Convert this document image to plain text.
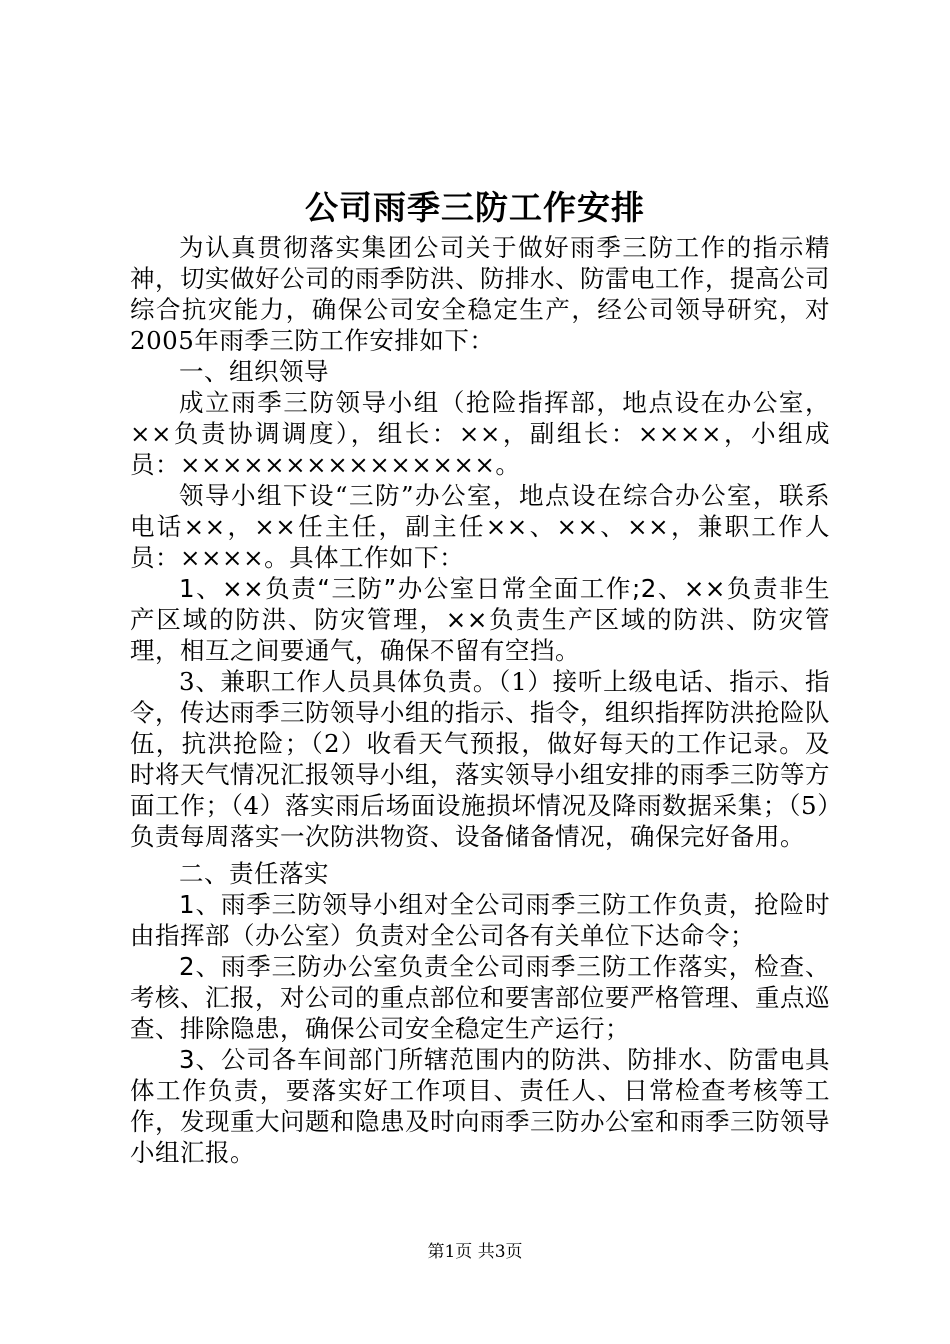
公司雨季三防工作安排

为认真贯彻落实集团公司关于做好雨季三防工作的指示精神，切实做好公司的雨季防洪、防排水、防雷电工作，提高公司综合抗灾能力，确保公司安全稳定生产，经公司领导研究，对2005年雨季三防工作安排如下：

一、组织领导

成立雨季三防领导小组（抢险指挥部，地点设在办公室，××负责协调调度），组长：××，副组长：××××，小组成员：×××××××××××××××。

领导小组下设“三防”办公室，地点设在综合办公室，联系电话××，××任主任，副主任××、××、××，兼职工作人员：××××。具体工作如下：

1、××负责“三防”办公室日常全面工作;2、××负责非生产区域的防洪、防灾管理，××负责生产区域的防洪、防灾管理，相互之间要通气，确保不留有空挡。

3、兼职工作人员具体负责。（1）接听上级电话、指示、指令，传达雨季三防领导小组的指示、指令，组织指挥防洪抢险队伍，抗洪抢险；（2）收看天气预报，做好每天的工作记录。及时将天气情况汇报领导小组，落实领导小组安排的雨季三防等方面工作；（4）落实雨后场面设施损坏情况及降雨数据采集；（5）负责每周落实一次防洪物资、设备储备情况，确保完好备用。

二、责任落实

1、雨季三防领导小组对全公司雨季三防工作负责，抢险时由指挥部（办公室）负责对全公司各有关单位下达命令；

2、雨季三防办公室负责全公司雨季三防工作落实，检查、考核、汇报，对公司的重点部位和要害部位要严格管理、重点巡查、排除隐患，确保公司安全稳定生产运行；

3、公司各车间部门所辖范围内的防洪、防排水、防雷电具体工作负责，要落实好工作项目、责任人、日常检查考核等工作，发现重大问题和隐患及时向雨季三防办公室和雨季三防领导小组汇报。

第1页 共3页
